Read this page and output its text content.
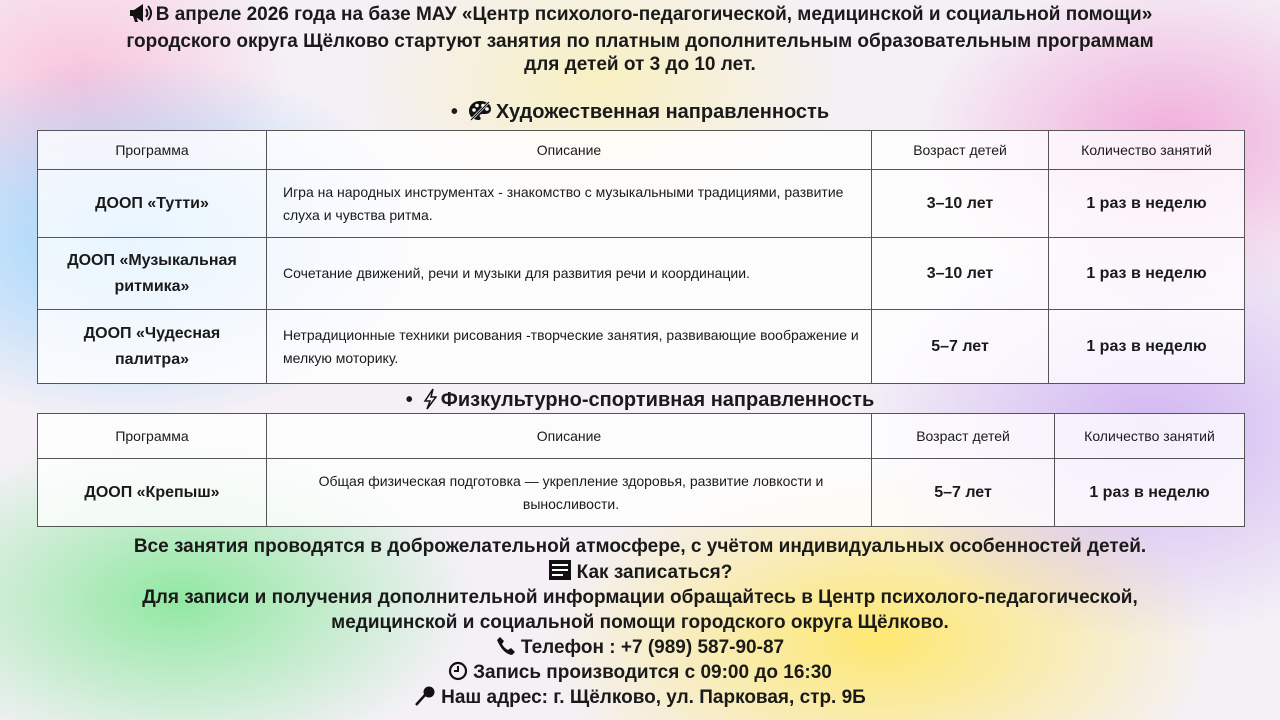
В апреле 2026 года на базе МАУ «Центр психолого-педагогической, медицинской и социальной помощи»
городского округа Щёлково стартуют занятия по платным дополнительным образовательным программам
для детей от 3 до 10 лет.
• Художественная направленность
Программа	Описание	Возраст детей	Количество занятий
ДООП «Тутти»	Игра на народных инструментах - знакомство с музыкальными традициями, развитие слуха и чувства ритма.	3–10 лет	1 раз в неделю
ДООП «Музыкальная ритмика»	Сочетание движений, речи и музыки для развития речи и координации.	3–10 лет	1 раз в неделю
ДООП «Чудесная палитра»	Нетрадиционные техники рисования -творческие занятия, развивающие воображение и мелкую моторику.	5–7 лет	1 раз в неделю
• Физкультурно-спортивная направленность
Программа	Описание	Возраст детей	Количество занятий
ДООП «Крепыш»	Общая физическая подготовка — укрепление здоровья, развитие ловкости и выносливости.	5–7 лет	1 раз в неделю
Все занятия проводятся в доброжелательной атмосфере, с учётом индивидуальных особенностей детей.
Как записаться?
Для записи и получения дополнительной информации обращайтесь в Центр психолого-педагогической,
медицинской и социальной помощи городского округа Щёлково.
Телефон : +7 (989) 587-90-87
Запись производится с 09:00 до 16:30
Наш адрес: г. Щёлково, ул. Парковая, стр. 9Б
